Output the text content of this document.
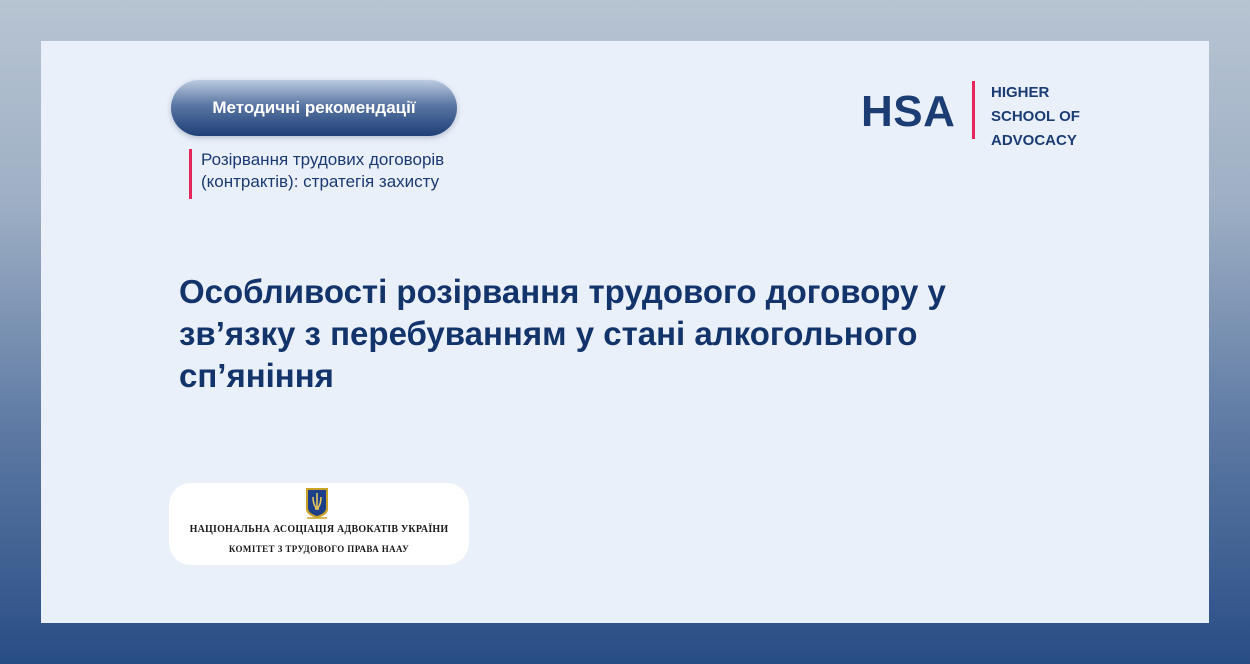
Методичні рекомендації
Розірвання трудових договорів
(контрактів): стратегія захисту
HSA HIGHER
SCHOOL OF
ADVOCACY
Особливості розірвання трудового договору у
зв’язку з перебуванням у стані алкогольного
сп’яніння
НАЦІОНАЛЬНА АСОЦІАЦІЯ АДВОКАТІВ УКРАЇНИ
КОМІТЕТ З ТРУДОВОГО ПРАВА НААУ
